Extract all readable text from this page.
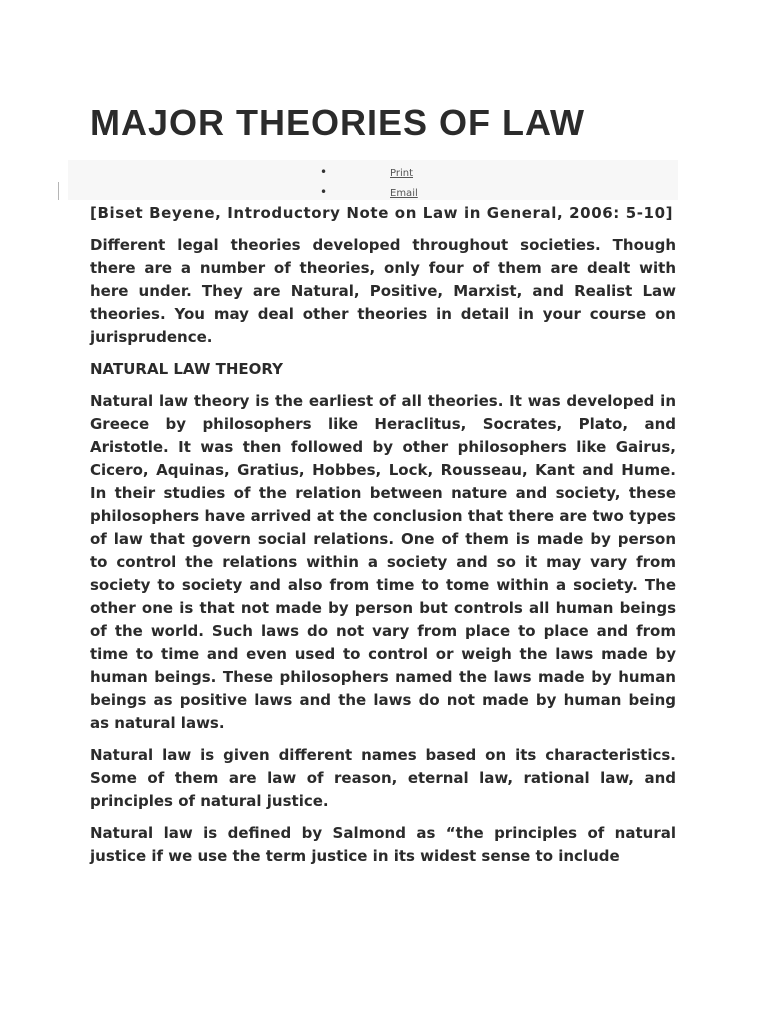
MAJOR THEORIES OF LAW
•	Print
•	Email

[Biset Beyene, Introductory Note on Law in General, 2006: 5-10]

Different legal theories developed throughout societies. Though there are a number of theories, only four of them are dealt with here under. They are Natural, Positive, Marxist, and Realist Law theories. You may deal other theories in detail in your course on jurisprudence.

NATURAL LAW THEORY

Natural law theory is the earliest of all theories. It was developed in Greece by philosophers like Heraclitus, Socrates, Plato, and Aristotle. It was then followed by other philosophers like Gairus, Cicero, Aquinas, Gratius, Hobbes, Lock, Rousseau, Kant and Hume. In their studies of the relation between nature and society, these philosophers have arrived at the conclusion that there are two types of law that govern social relations. One of them is made by person to control the relations within a society and so it may vary from society to society and also from time to tome within a society. The other one is that not made by person but controls all human beings of the world. Such laws do not vary from place to place and from time to time and even used to control or weigh the laws made by human beings. These philosophers named the laws made by human beings as positive laws and the laws do not made by human being as natural laws.

Natural law is given different names based on its characteristics. Some of them are law of reason, eternal law, rational law, and principles of natural justice.

Natural law is defined by Salmond as “the principles of natural justice if we use the term justice in its widest sense to include
